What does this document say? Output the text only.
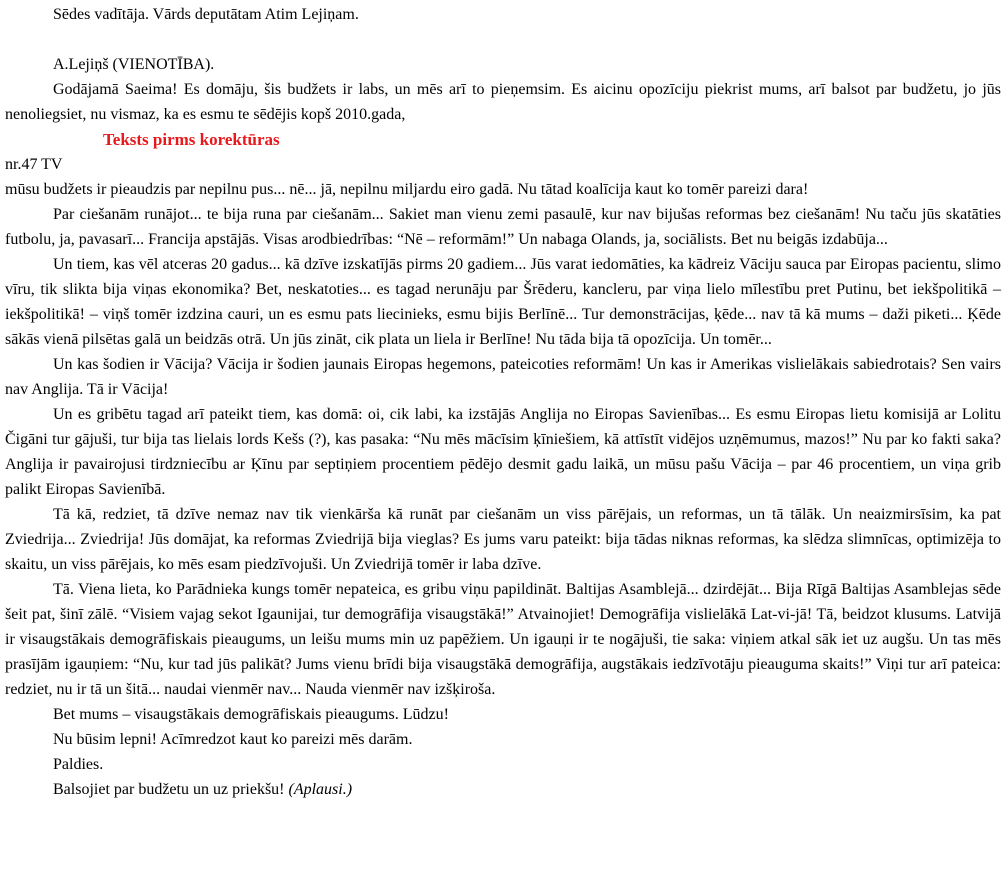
Sēdes vadītāja. Vārds deputātam Atim Lejiņam.

A.Lejiņš (VIENOTĪBA).

Godājamā Saeima! Es domāju, šis budžets ir labs, un mēs arī to pieņemsim. Es aicinu opozīciju piekrist mums, arī balsot par budžetu, jo jūs nenoliegsiet, nu vismaz, ka es esmu te sēdējis kopš 2010.gada,

Teksts pirms korektūras

nr.47 TV

mūsu budžets ir pieaudzis par nepilnu pus... nē... jā, nepilnu miljardu eiro gadā. Nu tātad koalīcija kaut ko tomēr pareizi dara!

Par ciešanām runājot... te bija runa par ciešanām... Sakiet man vienu zemi pasaulē, kur nav bijušas reformas bez ciešanām! Nu taču jūs skatāties futbolu, ja, pavasarī... Francija apstājās. Visas arodbiedrības: “Nē – reformām!” Un nabaga Olands, ja, sociālists. Bet nu beigās izdabūja...

Un tiem, kas vēl atceras 20 gadus... kā dzīve izskatījās pirms 20 gadiem... Jūs varat iedomāties, ka kādreiz Vāciju sauca par Eiropas pacientu, slimo vīru, tik slikta bija viņas ekonomika? Bet, neskatoties... es tagad nerunāju par Šrēderu, kancleru, par viņa lielo mīlestību pret Putinu, bet iekšpolitikā – iekšpolitikā! – viņš tomēr izdzina cauri, un es esmu pats liecinieks, esmu bijis Berlīnē... Tur demonstrācijas, ķēde... nav tā kā mums – daži piketi... Ķēde sākās vienā pilsētas galā un beidzās otrā. Un jūs zināt, cik plata un liela ir Berlīne! Nu tāda bija tā opozīcija. Un tomēr...

Un kas šodien ir Vācija? Vācija ir šodien jaunais Eiropas hegemons, pateicoties reformām! Un kas ir Amerikas vislielākais sabiedrotais? Sen vairs nav Anglija. Tā ir Vācija!

Un es gribētu tagad arī pateikt tiem, kas domā: oi, cik labi, ka izstājās Anglija no Eiropas Savienības... Es esmu Eiropas lietu komisijā ar Lolitu Čigāni tur gājuši, tur bija tas lielais lords Kešs (?), kas pasaka: “Nu mēs mācīsim ķīniešiem, kā attīstīt vidējos uzņēmumus, mazos!” Nu par ko fakti saka? Anglija ir pavairojusi tirdzniecību ar Ķīnu par septiņiem procentiem pēdējo desmit gadu laikā, un mūsu pašu Vācija – par 46 procentiem, un viņa grib palikt Eiropas Savienībā.

Tā kā, redziet, tā dzīve nemaz nav tik vienkārša kā runāt par ciešanām un viss pārējais, un reformas, un tā tālāk. Un neaizmirsīsim, ka pat Zviedrija... Zviedrija! Jūs domājat, ka reformas Zviedrijā bija vieglas? Es jums varu pateikt: bija tādas niknas reformas, ka slēdza slimnīcas, optimizēja to skaitu, un viss pārējais, ko mēs esam piedzīvojuši. Un Zviedrijā tomēr ir laba dzīve.

Tā. Viena lieta, ko Parādnieka kungs tomēr nepateica, es gribu viņu papildināt. Baltijas Asamblejā... dzirdējāt... Bija Rīgā Baltijas Asamblejas sēde šeit pat, šinī zālē. “Visiem vajag sekot Igaunijai, tur demogrāfija visaugstākā!” Atvainojiet! Demogrāfija vislielākā Lat-vi-jā! Tā, beidzot klusums. Latvijā ir visaugstākais demogrāfiskais pieaugums, un leišu mums min uz papēžiem. Un igauņi ir te nogājuši, tie saka: viņiem atkal sāk iet uz augšu. Un tas mēs prasījām igauņiem: “Nu, kur tad jūs palikāt? Jums vienu brīdi bija visaugstākā demogrāfija, augstākais iedzīvotāju pieauguma skaits!” Viņi tur arī pateica: redziet, nu ir tā un šitā... naudai vienmēr nav... Nauda vienmēr nav izšķiroša.

Bet mums – visaugstākais demogrāfiskais pieaugums. Lūdzu!

Nu būsim lepni! Acīmredzot kaut ko pareizi mēs darām.

Paldies.

Balsojiet par budžetu un uz priekšu! (Aplausi.)
